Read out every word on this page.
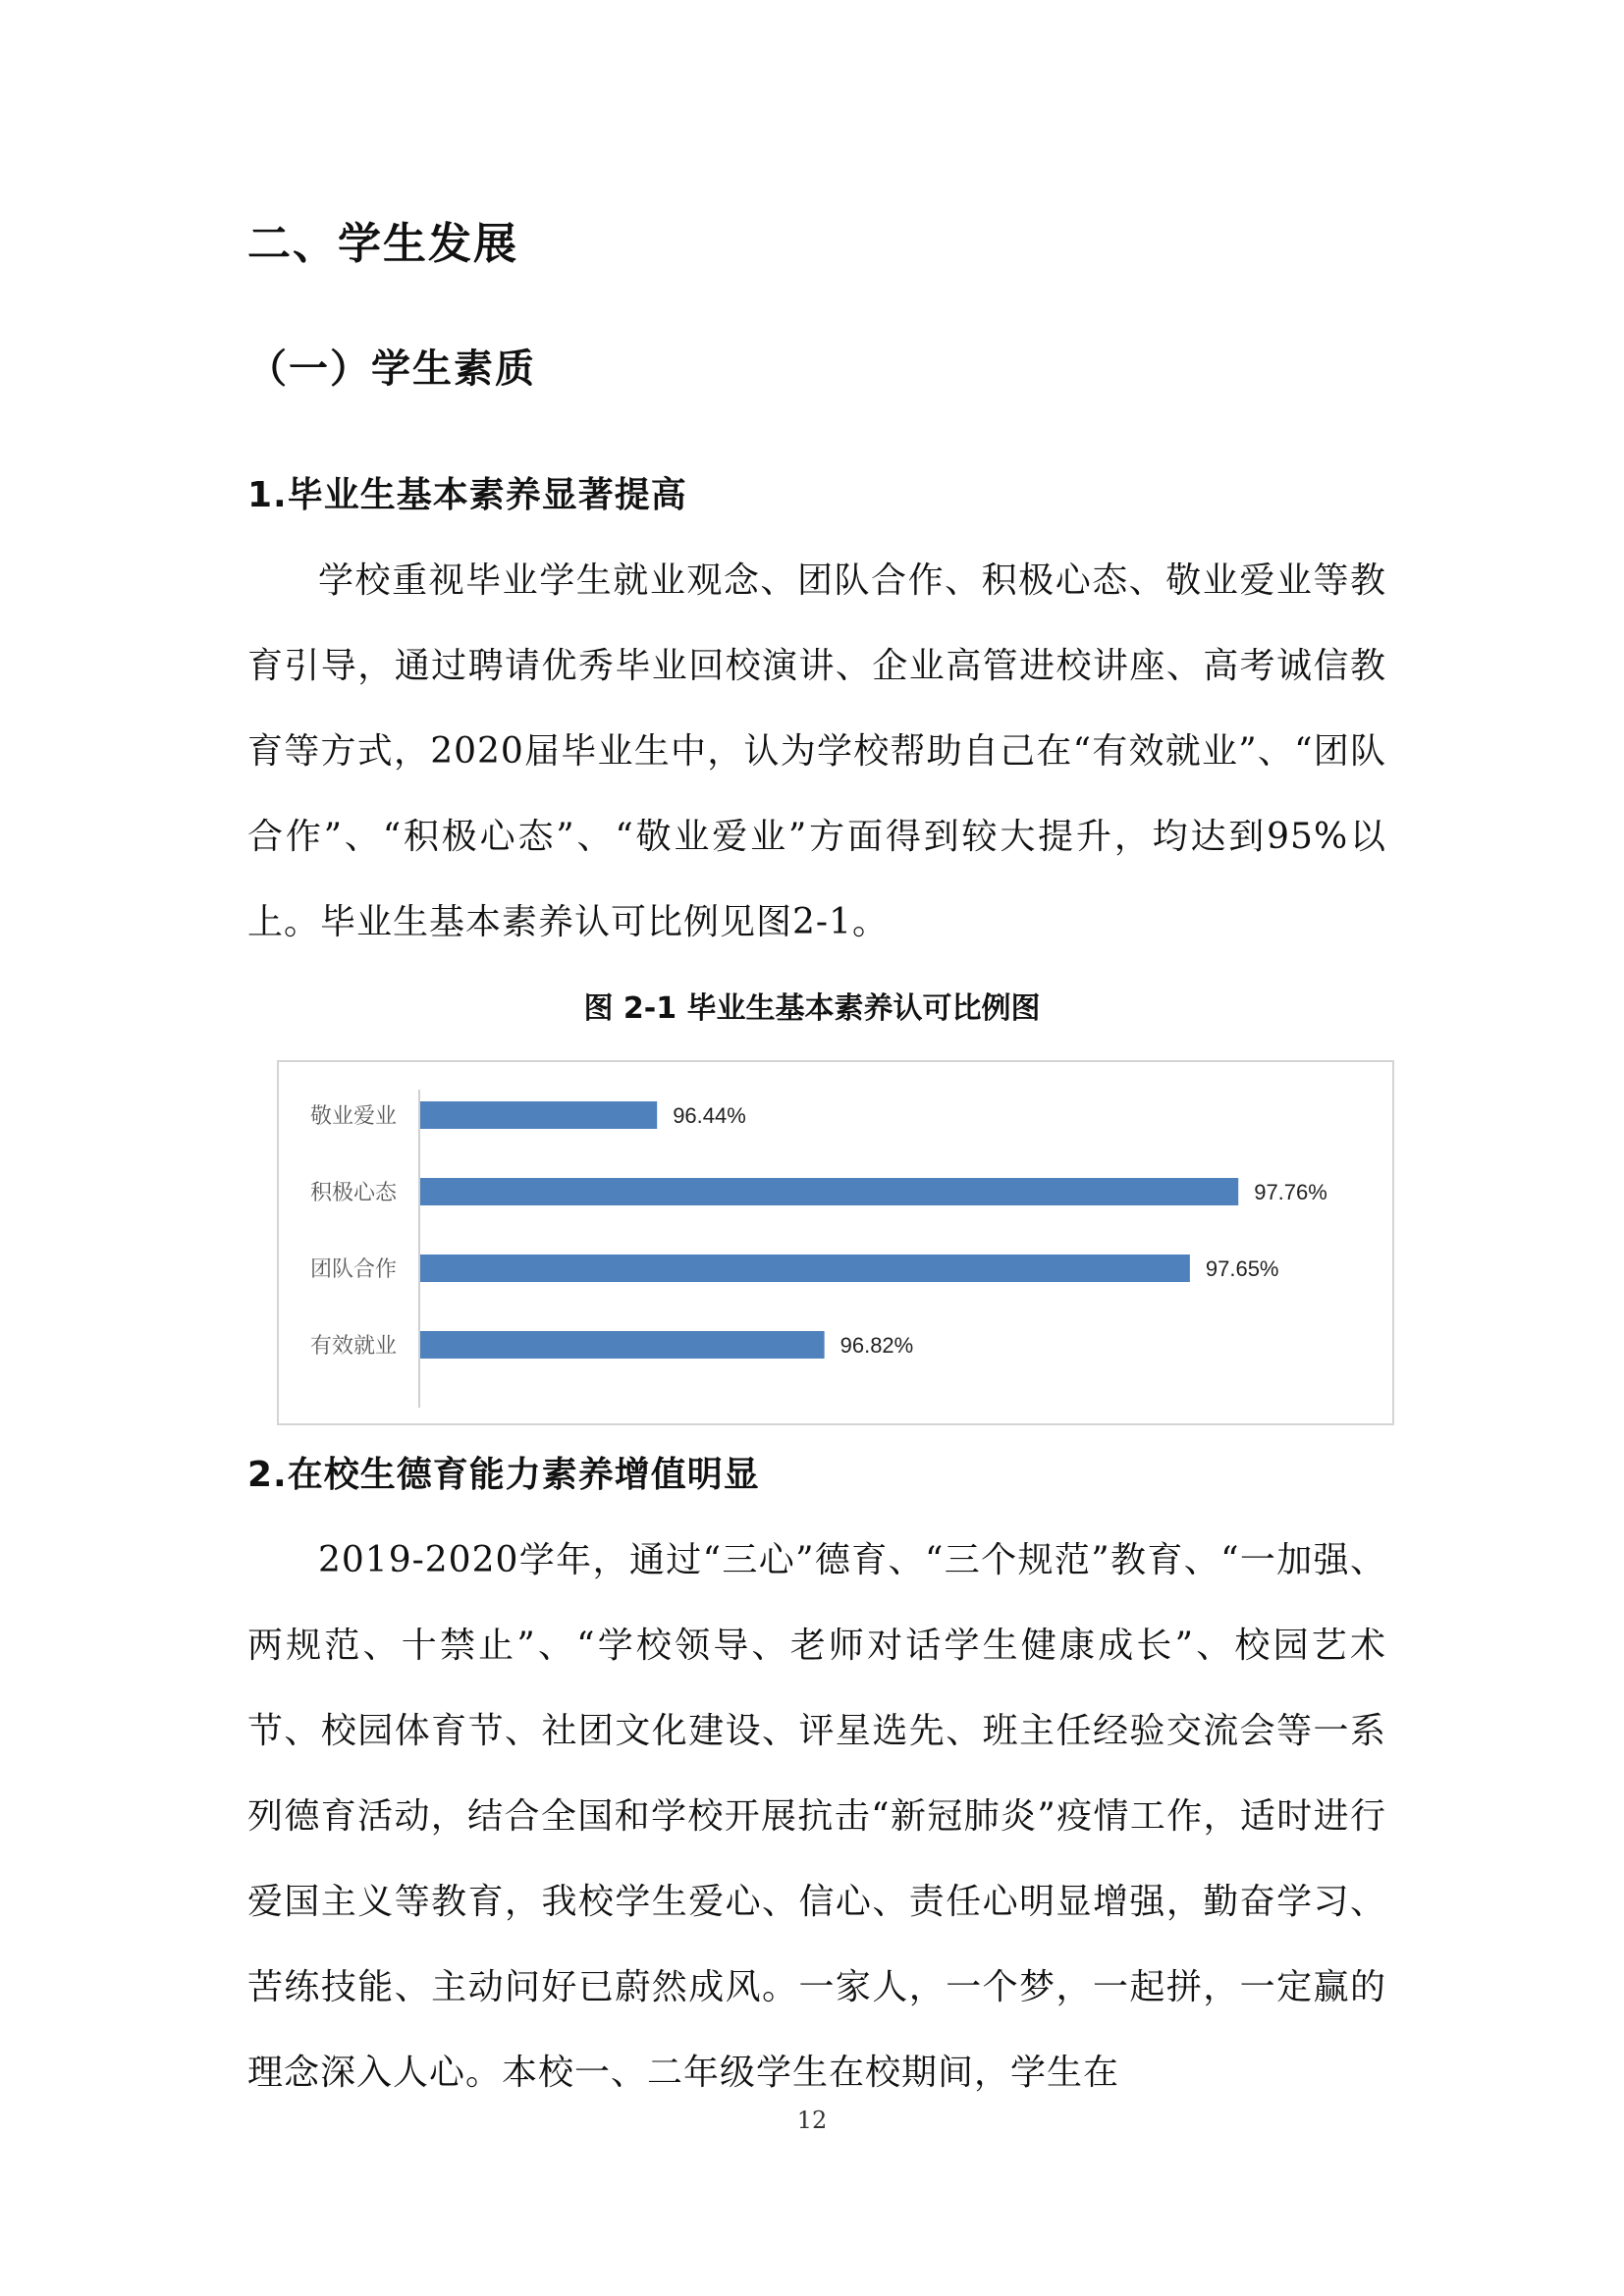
二、学生发展
（一）学生素质
1.毕业生基本素养显著提高

学校重视毕业学生就业观念、团队合作、积极心态、敬业爱业等教育引导，通过聘请优秀毕业回校演讲、企业高管进校讲座、高考诚信教育等方式，2020届毕业生中，认为学校帮助自己在“有效就业”、“团队合作”、“积极心态”、“敬业爱业”方面得到较大提升，均达到95%以上。毕业生基本素养认可比例见图2-1。

图 2-1 毕业生基本素养认可比例图
敬业爱业	96.44%
积极心态	97.76%
团队合作	97.65%
有效就业	96.82%
2.在校生德育能力素养增值明显

2019-2020学年，通过“三心”德育、“三个规范”教育、“一加强、两规范、十禁止”、“学校领导、老师对话学生健康成长”、校园艺术节、校园体育节、社团文化建设、评星选先、班主任经验交流会等一系列德育活动，结合全国和学校开展抗击“新冠肺炎”疫情工作，适时进行爱国主义等教育，我校学生爱心、信心、责任心明显增强，勤奋学习、苦练技能、主动问好已蔚然成风。一家人，一个梦，一起拼，一定赢的理念深入人心。本校一、二年级学生在校期间，学生在

12
